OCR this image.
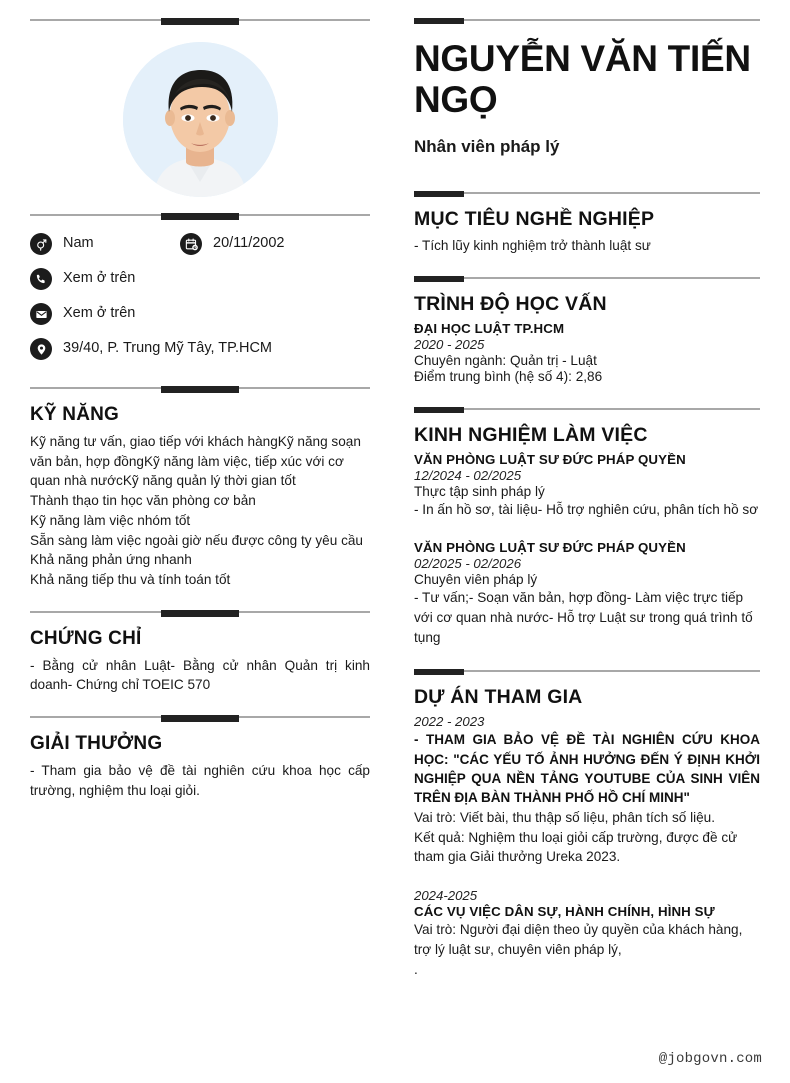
Nam	20/11/2002
Xem ở trên
Xem ở trên
39/40, P. Trung Mỹ Tây, TP.HCM
KỸ NĂNG
Kỹ năng tư vấn, giao tiếp với khách hàngKỹ năng soạn văn bản, hợp đồngKỹ năng làm việc, tiếp xúc với cơ quan nhà nướcKỹ năng quản lý thời gian tốt
Thành thạo tin học văn phòng cơ bản
Kỹ năng làm việc nhóm tốt
Sẵn sàng làm việc ngoài giờ nếu được công ty yêu cầu
Khả năng phản ứng nhanh
Khả năng tiếp thu và tính toán tốt
CHỨNG CHỈ
- Bằng cử nhân Luật- Bằng cử nhân Quản trị kinh doanh- Chứng chỉ TOEIC 570
GIẢI THƯỞNG
- Tham gia bảo vệ đề tài nghiên cứu khoa học cấp trường, nghiệm thu loại giỏi.
NGUYỄN VĂN TIẾN NGỌ
Nhân viên pháp lý
MỤC TIÊU NGHỀ NGHIỆP
- Tích lũy kinh nghiệm trở thành luật sư
TRÌNH ĐỘ HỌC VẤN
ĐẠI HỌC LUẬT TP.HCM
2020 - 2025
Chuyên ngành: Quản trị - Luật
Điểm trung bình (hệ số 4): 2,86
KINH NGHIỆM LÀM VIỆC
VĂN PHÒNG LUẬT SƯ ĐỨC PHÁP QUYỀN
12/2024 - 02/2025
Thực tập sinh pháp lý
- In ấn hồ sơ, tài liệu- Hỗ trợ nghiên cứu, phân tích hồ sơ
VĂN PHÒNG LUẬT SƯ ĐỨC PHÁP QUYỀN
02/2025 - 02/2026
Chuyên viên pháp lý
- Tư vấn;- Soạn văn bản, hợp đồng- Làm việc trực tiếp với cơ quan nhà nước- Hỗ trợ Luật sư trong quá trình tố tụng
DỰ ÁN THAM GIA
2022 - 2023
- THAM GIA BẢO VỆ ĐỀ TÀI NGHIÊN CỨU KHOA HỌC: "CÁC YẾU TỐ ẢNH HƯỞNG ĐẾN Ý ĐỊNH KHỞI NGHIỆP QUA NỀN TẢNG YOUTUBE CỦA SINH VIÊN TRÊN ĐỊA BÀN THÀNH PHỐ HỒ CHÍ MINH"
Vai trò: Viết bài, thu thập số liệu, phân tích số liệu.
Kết quả: Nghiệm thu loại giỏi cấp trường, được đề cử tham gia Giải thưởng Ureka 2023.
2024-2025
CÁC VỤ VIỆC DÂN SỰ, HÀNH CHÍNH, HÌNH SỰ
Vai trò: Người đại diện theo ủy quyền của khách hàng, trợ lý luật sư, chuyên viên pháp lý,
.
@jobgovn.com
